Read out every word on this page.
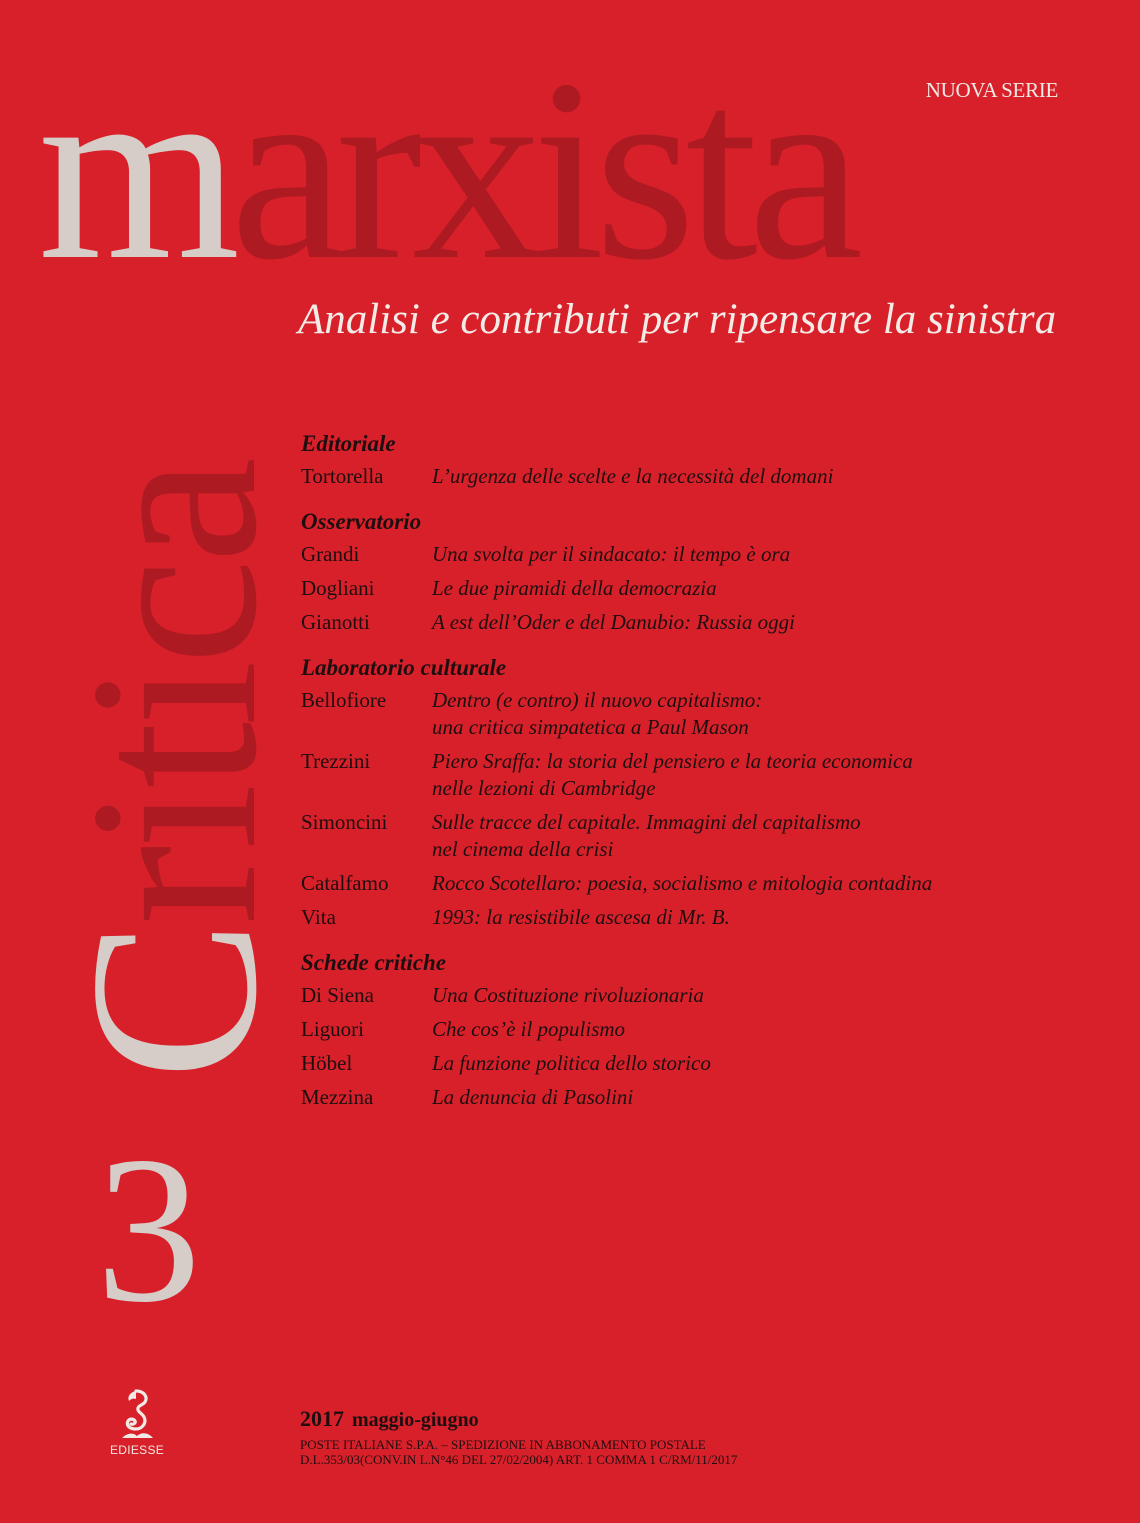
NUOVA SERIE
marxista
Critica
3
Analisi e contributi per ripensare la sinistra
Editoriale
Tortorella	L’urgenza delle scelte e la necessità del domani
Osservatorio
Grandi	Una svolta per il sindacato: il tempo è ora
Dogliani	Le due piramidi della democrazia
Gianotti	A est dell’Oder e del Danubio: Russia oggi
Laboratorio culturale
Bellofiore	Dentro (e contro) il nuovo capitalismo:
una critica simpatetica a Paul Mason
Trezzini	Piero Sraffa: la storia del pensiero e la teoria economica
nelle lezioni di Cambridge
Simoncini	Sulle tracce del capitale. Immagini del capitalismo
nel cinema della crisi
Catalfamo	Rocco Scotellaro: poesia, socialismo e mitologia contadina
Vita	1993: la resistibile ascesa di Mr. B.
Schede critiche
Di Siena	Una Costituzione rivoluzionaria
Liguori	Che cos’è il populismo
Höbel	La funzione politica dello storico
Mezzina	La denuncia di Pasolini
EDIESSE
2017 maggio-giugno
POSTE ITALIANE S.P.A. – SPEDIZIONE IN ABBONAMENTO POSTALE
D.L.353/03(CONV.IN L.N°46 DEL 27/02/2004) ART. 1 COMMA 1 C/RM/11/2017
